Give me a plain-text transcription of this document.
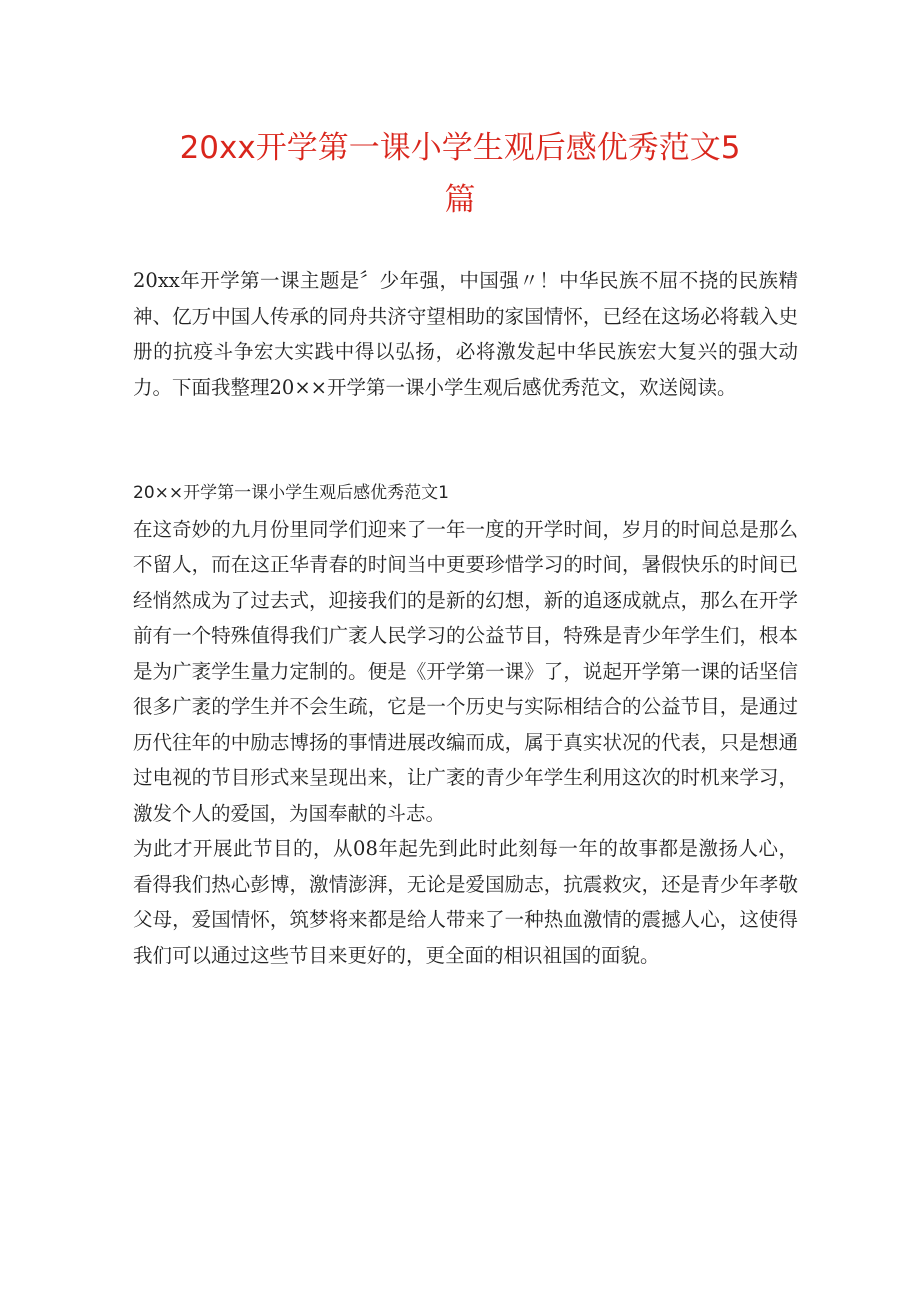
20xx开学第一课小学生观后感优秀范文5
篇

20xx年开学第一课主题是〞少年强，中国强〃！中华民族不屈不挠的民族精神、亿万中国人传承的同舟共济守望相助的家国情怀，已经在这场必将载入史册的抗疫斗争宏大实践中得以弘扬，必将激发起中华民族宏大复兴的强大动力。下面我整理20××开学第一课小学生观后感优秀范文，欢送阅读。

20××开学第一课小学生观后感优秀范文1

在这奇妙的九月份里同学们迎来了一年一度的开学时间，岁月的时间总是那么不留人，而在这正华青春的时间当中更要珍惜学习的时间，暑假快乐的时间已经悄然成为了过去式，迎接我们的是新的幻想，新的追逐成就点，那么在开学前有一个特殊值得我们广袤人民学习的公益节目，特殊是青少年学生们，根本是为广袤学生量力定制的。便是《开学第一课》了，说起开学第一课的话坚信很多广袤的学生并不会生疏，它是一个历史与实际相结合的公益节目，是通过历代往年的中励志博扬的事情进展改编而成，属于真实状况的代表，只是想通过电视的节目形式来呈现出来，让广袤的青少年学生利用这次的时机来学习，激发个人的爱国，为国奉献的斗志。

为此才开展此节目的，从08年起先到此时此刻每一年的故事都是激扬人心，看得我们热心彭博，激情澎湃，无论是爱国励志，抗震救灾，还是青少年孝敬父母，爱国情怀，筑梦将来都是给人带来了一种热血激情的震撼人心，这使得我们可以通过这些节目来更好的，更全面的相识祖国的面貌。
